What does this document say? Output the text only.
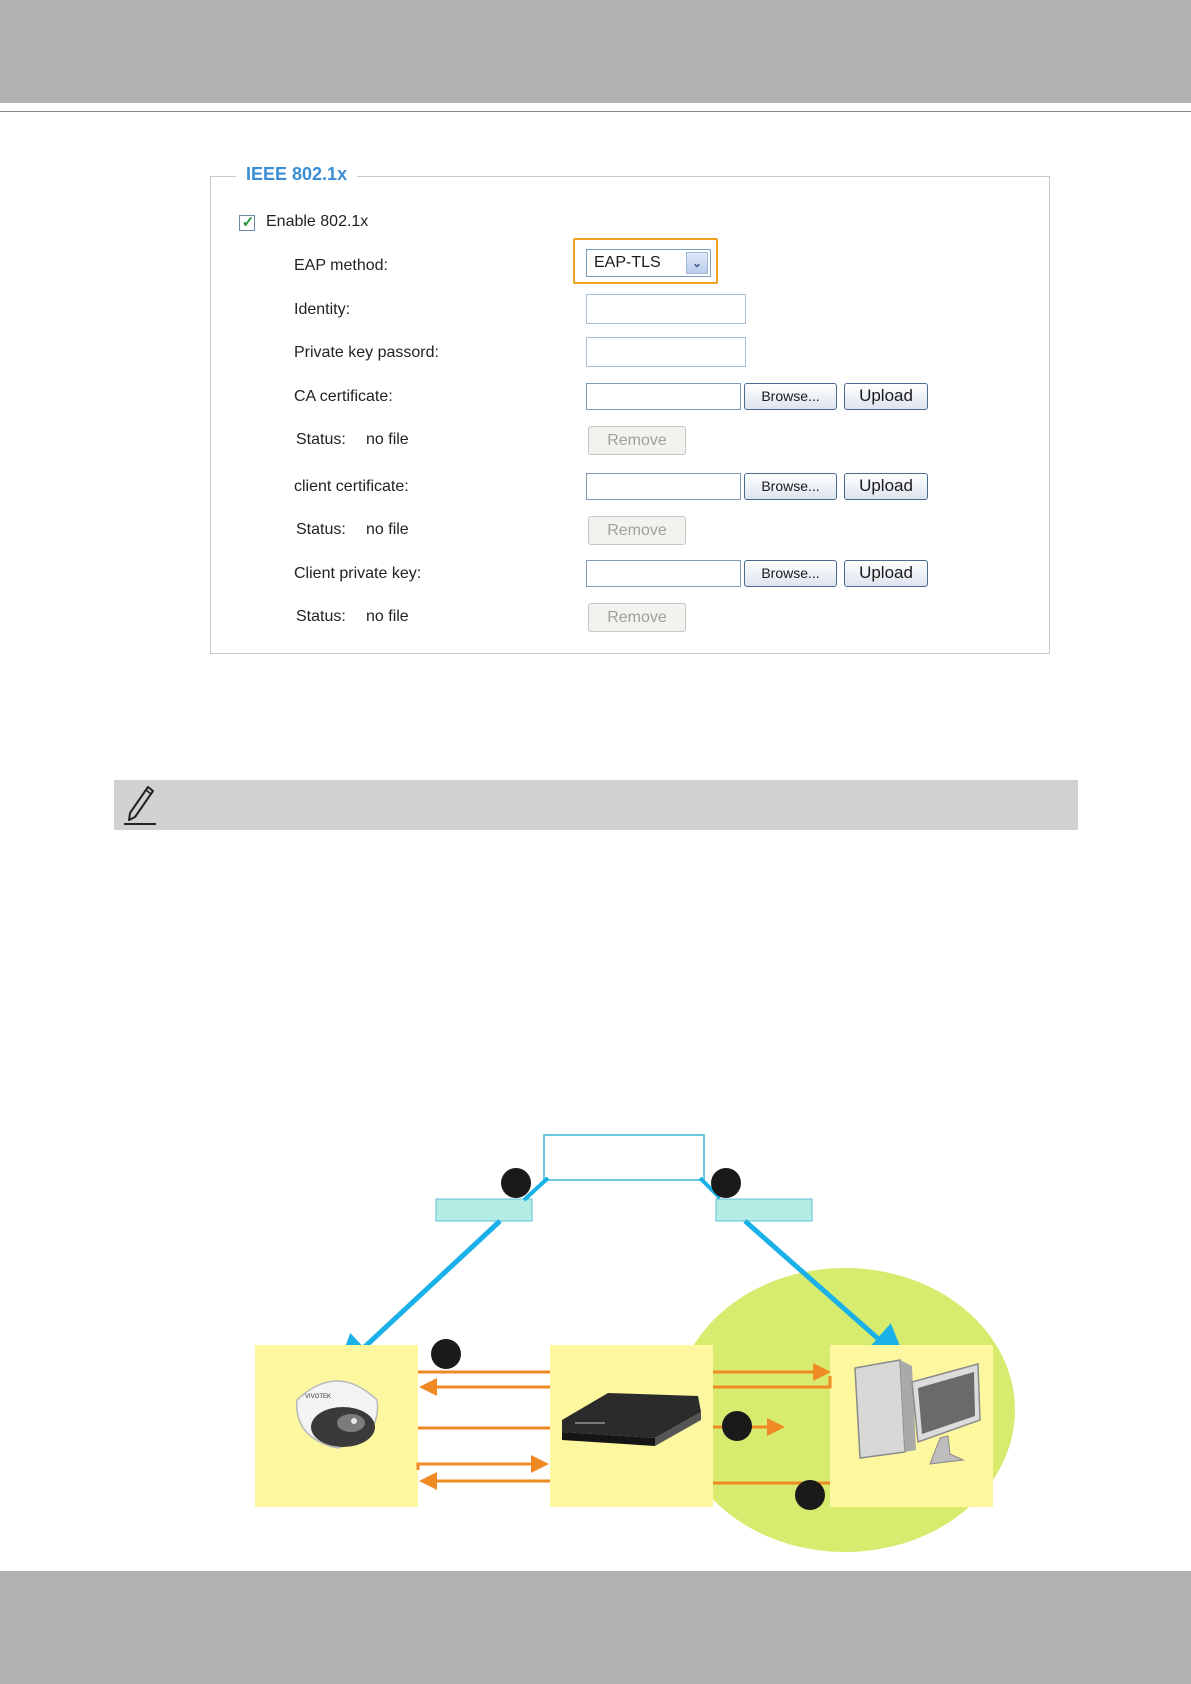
IEEE 802.1x
✓ Enable 802.1x
EAP method:	EAP-TLS	⌄
Identity:
Private key passord:
CA certificate:	Browse...	Upload
Status: no file	Remove
client certificate:	Browse...	Upload
Status: no file	Remove
Client private key:	Browse...	Upload
Status: no file	Remove
VIVOTEK
